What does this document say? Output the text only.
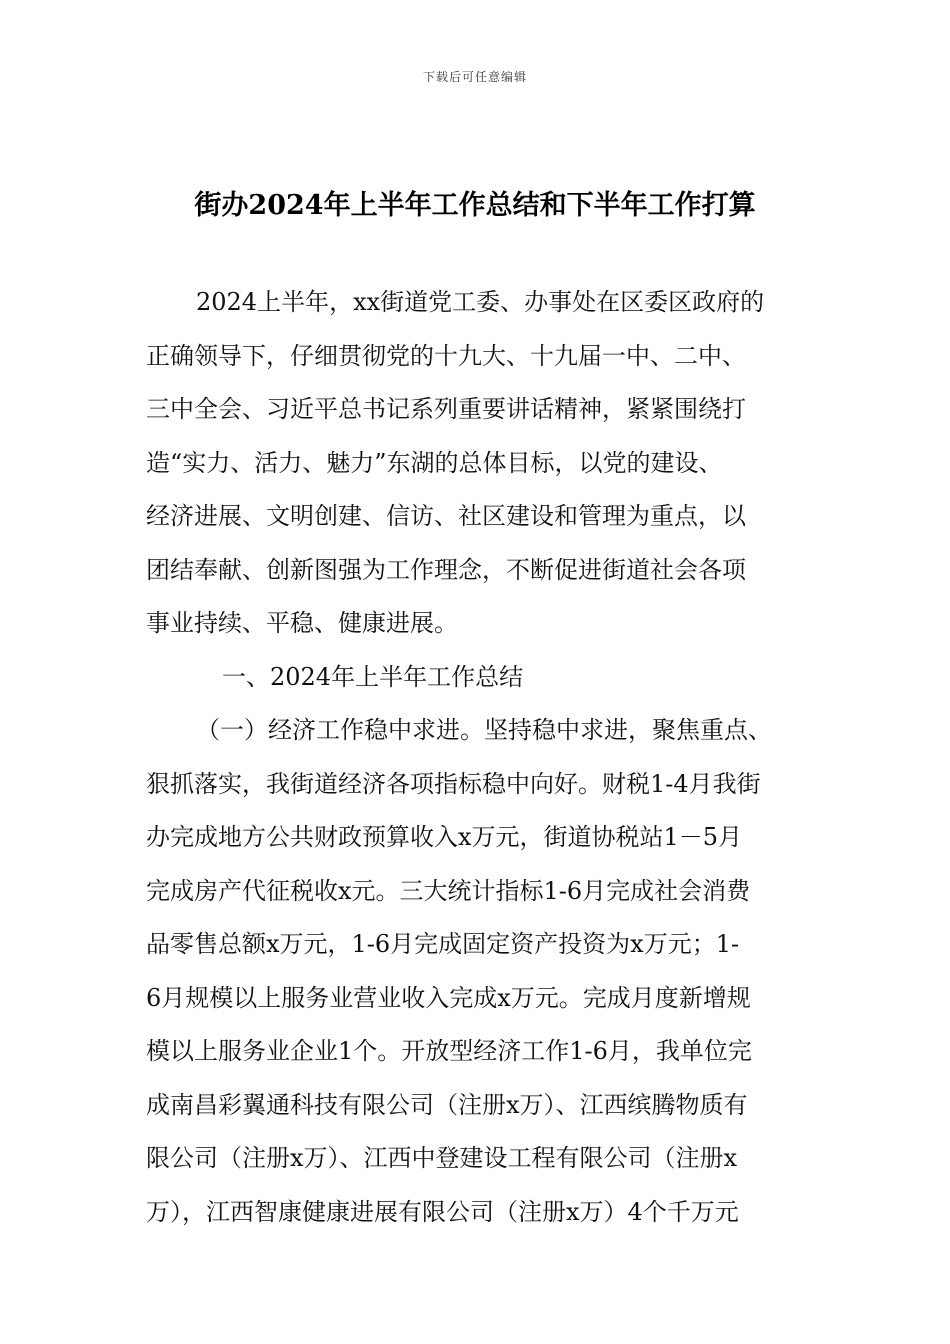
下载后可任意编辑
街办2024年上半年工作总结和下半年工作打算
2024上半年，xx街道党工委、办事处在区委区政府的
正确领导下，仔细贯彻党的十九大、十九届一中、二中、
三中全会、习近平总书记系列重要讲话精神，紧紧围绕打
造“实力、活力、魅力”东湖的总体目标，以党的建设、
经济进展、文明创建、信访、社区建设和管理为重点，以
团结奉献、创新图强为工作理念，不断促进街道社会各项
事业持续、平稳、健康进展。
一、2024年上半年工作总结
（一）经济工作稳中求进。坚持稳中求进，聚焦重点、
狠抓落实，我街道经济各项指标稳中向好。财税1-4月我街
办完成地方公共财政预算收入x万元，街道协税站1－5月
完成房产代征税收x元。三大统计指标1-6月完成社会消费
品零售总额x万元，1-6月完成固定资产投资为x万元；1-
6月规模以上服务业营业收入完成x万元。完成月度新增规
模以上服务业企业1个。开放型经济工作1-6月，我单位完
成南昌彩翼通科技有限公司（注册x万）、江西缤腾物质有
限公司（注册x万）、江西中登建设工程有限公司（注册x
万），江西智康健康进展有限公司（注册x万）4个千万元
